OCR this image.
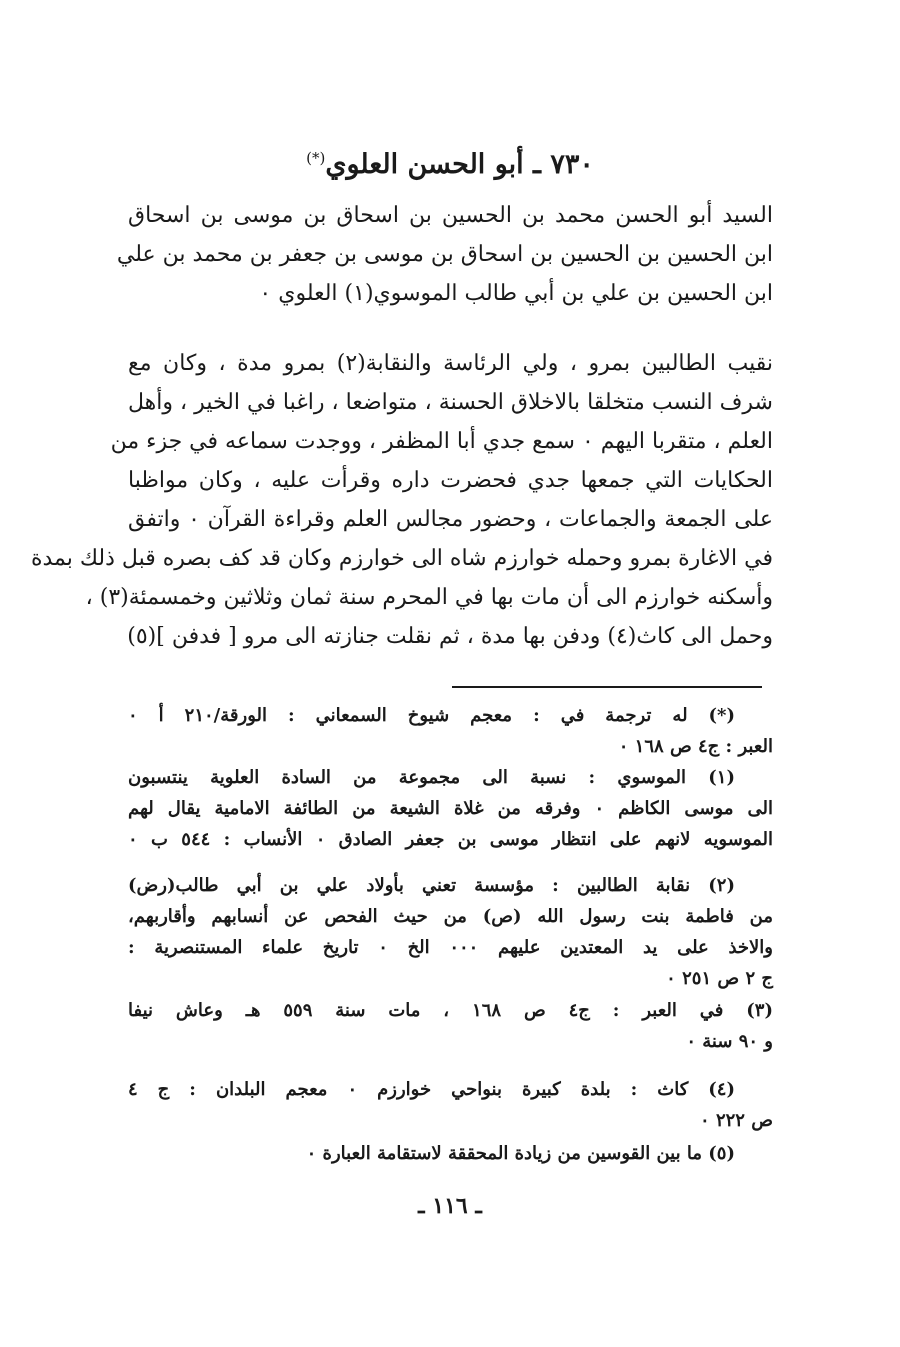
٧٣٠ ـ أبو الحسن العلوي(*)
السيد أبو الحسن محمد بن الحسين بن اسحاق بن موسى بن اسحاق
ابن الحسين بن الحسين بن اسحاق بن موسى بن جعفر بن محمد بن علي
ابن الحسين بن علي بن أبي طالب الموسوي(١) العلوي ٠
نقيب الطالبين بمرو ، ولي الرئاسة والنقابة(٢) بمرو مدة ، وكان مع
شرف النسب متخلقا بالاخلاق الحسنة ، متواضعا ، راغبا في الخير ، وأهل
العلم ، متقربا اليهم ٠ سمع جدي أبا المظفر ، ووجدت سماعه في جزء من
الحكايات التي جمعها جدي فحضرت داره وقرأت عليه ، وكان مواظبا
على الجمعة والجماعات ، وحضور مجالس العلم وقراءة القرآن ٠ واتفق
في الاغارة بمرو وحمله خوارزم شاه الى خوارزم وكان قد كف بصره قبل ذلك بمدة
وأسكنه خوارزم الى أن مات بها في المحرم سنة ثمان وثلاثين وخمسمئة(٣) ،
وحمل الى كاث(٤) ودفن بها مدة ، ثم نقلت جنازته الى مرو [ فدفن ](٥)
(*) له ترجمة في : معجم شيوخ السمعاني : الورقة/٢١٠ أ ٠
العبر : ج٤ ص ١٦٨ ٠
(١) الموسوي : نسبة الى مجموعة من السادة العلوية ينتسبون
الى موسى الكاظم ٠ وفرقه من غلاة الشيعة من الطائفة الامامية يقال لهم
الموسويه لانهم على انتظار موسى بن جعفر الصادق ٠ الأنساب : ٥٤٤ ب ٠
(٢) نقابة الطالبين : مؤسسة تعني بأولاد علي بن أبي طالب(رض)
من فاطمة بنت رسول الله (ص) من حيث الفحص عن أنسابهم وأقاربهم،
والاخذ على يد المعتدين عليهم ٠٠٠ الخ ٠ تاريخ علماء المستنصرية :
ج ٢ ص ٢٥١ ٠
(٣) في العبر : ج٤ ص ١٦٨ ، مات سنة ٥٥٩ هـ وعاش نيفا
و ٩٠ سنة ٠
(٤) كاث : بلدة كبيرة بنواحي خوارزم ٠ معجم البلدان : ج ٤
ص ٢٢٢ ٠
(٥) ما بين القوسين من زيادة المحققة لاستقامة العبارة ٠
ـ ١١٦ ـ
